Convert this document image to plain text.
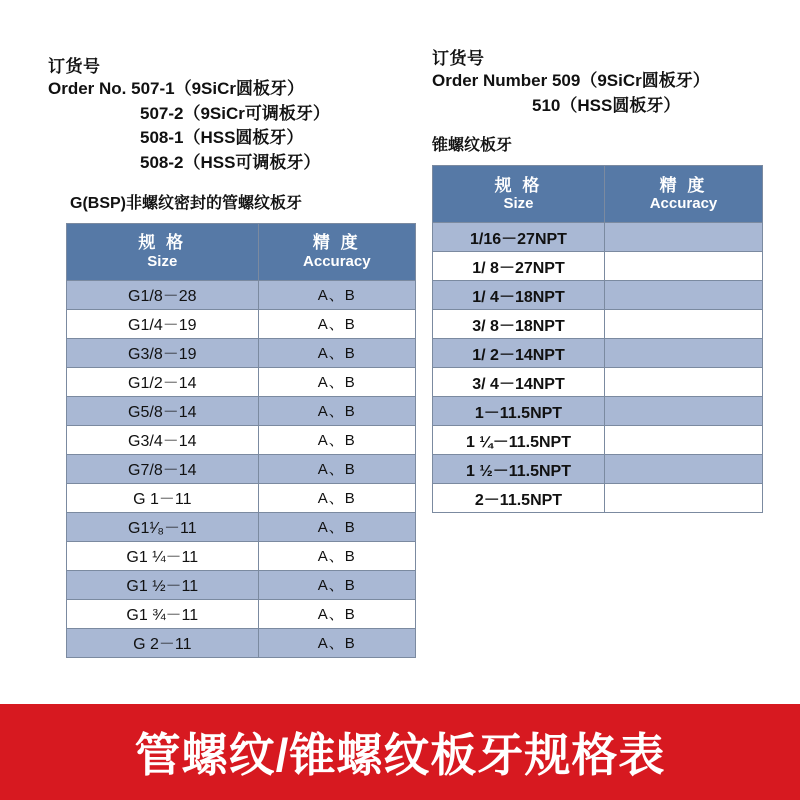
订货号
Order No. 507-1（9SiCr圆板牙）
507-2（9SiCr可调板牙）
508-1（HSS圆板牙）
508-2（HSS可调板牙）
G(BSP)非螺纹密封的管螺纹板牙
规 格
Size	精 度
Accuracy

G1/8－28	A、B
G1/4－19	A、B
G3/8－19	A、B
G1/2－14	A、B
G5/8－14	A、B
G3/4－14	A、B
G7/8－14	A、B
G 1－11	A、B
G1¹⁄₈－11	A、B
G1 ¼－11	A、B
G1 ½－11	A、B
G1 ¾－11	A、B
G 2－11	A、B
订货号
Order Number 509（9SiCr圆板牙）
510（HSS圆板牙）
锥螺纹板牙
规 格
Size	精 度
Accuracy

1/16－27NPT	
1/ 8－27NPT	
1/ 4－18NPT	
3/ 8－18NPT	
1/ 2－14NPT	
3/ 4－14NPT	
1－11.5NPT	
1 ¼－11.5NPT	
1 ½－11.5NPT	
2－11.5NPT	
管螺纹/锥螺纹板牙规格表
